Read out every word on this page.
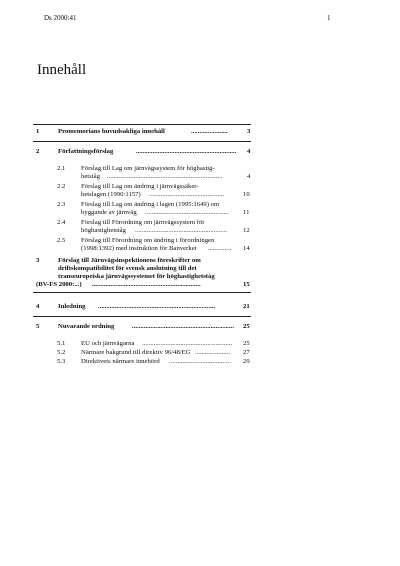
Ds 2000:41	1
Innehåll
1	Promemorians huvudsakliga innehåll	......................	3
2	Författningsförslag	............................................................ 4
2.1 Förslag till Lag om järnvägssystem för höghastig-
hetståg .....................................................................	4
2.2 Förslag till Lag om ändring i järnvägssäker-
hetslagen (1990:1157) .............................................	10
2.3 Förslag till Lag om ändring i lagen (1995:1649) om
byggande av järnväg .................................................. 11
2.4 Förslag till Förordning om järnvägssystem för
höghastighetståg ....................................................... 12
2.5 Förslag till Förordning om ändring i förordningen
(1998:1392) med instruktion för Banverket .............. 14
3	Förslag till Järnvägsinspektionens föreskrifter om
driftskompatibilitet för svensk anslutning till det
transeuropeiska järnvägssystemet för höghastighetståg
(BV-FS 2000:...) .................................................................	15
4	Inledning ......................................................................	21
5	Nuvarande ordning	............................................................. 25
5.1 EU och järnvägarna ...................................................... 25
5.2 Närmare bakgrund till direktiv 96/48/EG ..................... 27
5.3 Direktivets närmare innebörd ..................................... 29
